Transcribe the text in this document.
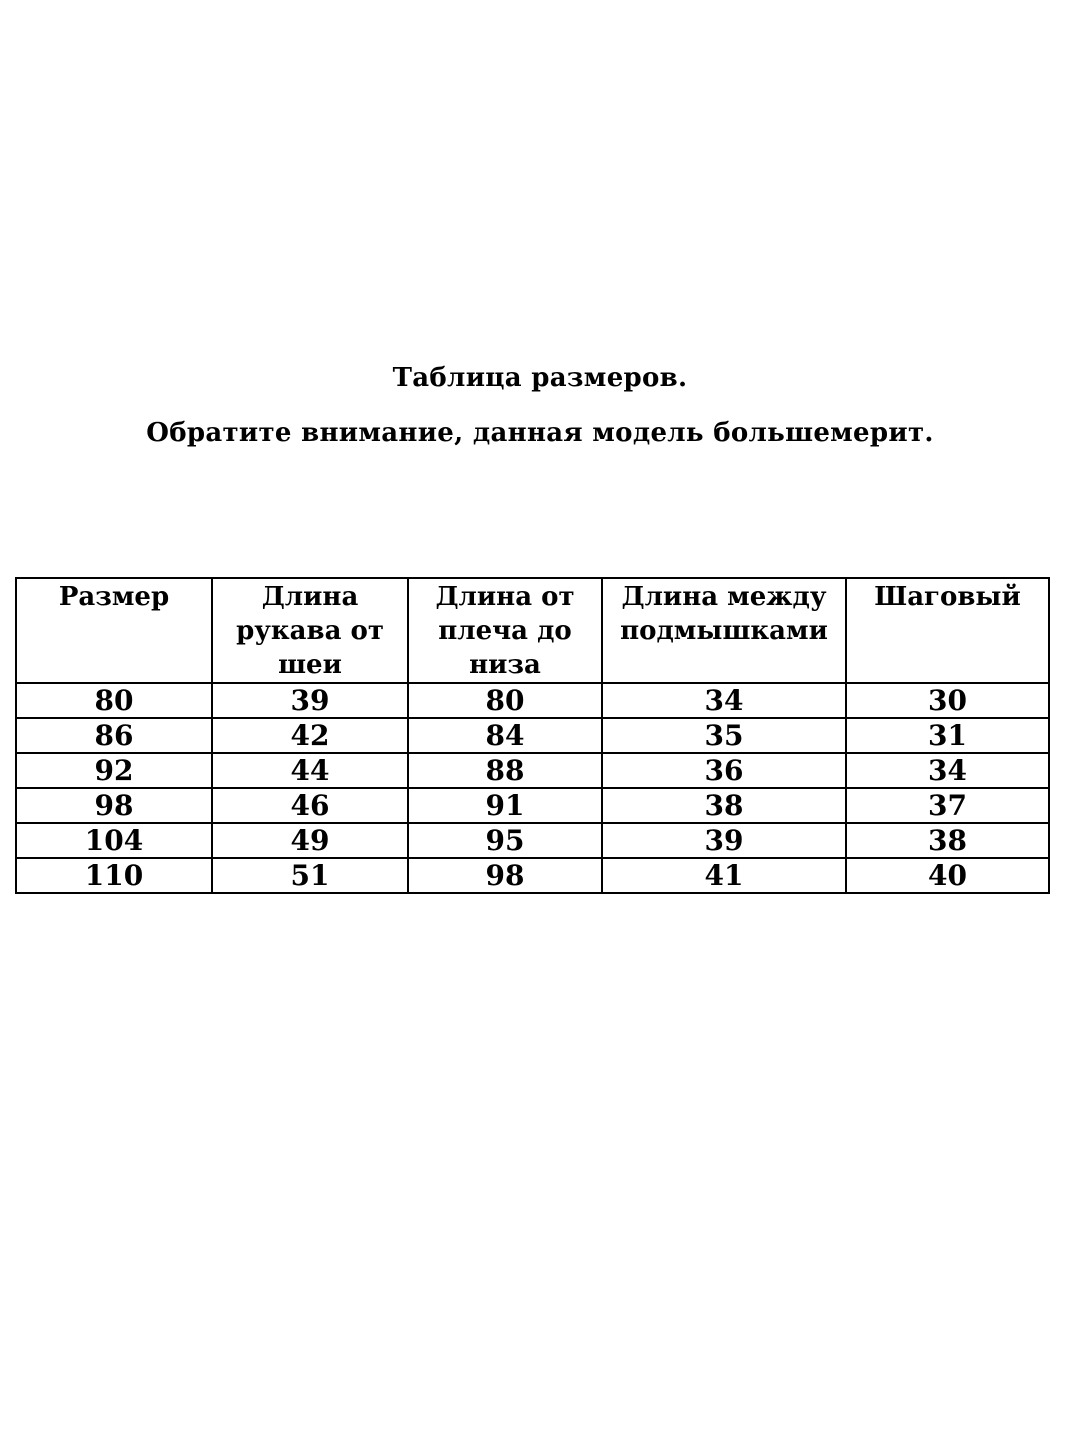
Таблица размеров.
Обратите внимание, данная модель большемерит.
Размер	Длина рукава от шеи	Длина от плеча до низа	Длина между подмышками	Шаговый
80	39	80	34	30
86	42	84	35	31
92	44	88	36	34
98	46	91	38	37
104	49	95	39	38
110	51	98	41	40
